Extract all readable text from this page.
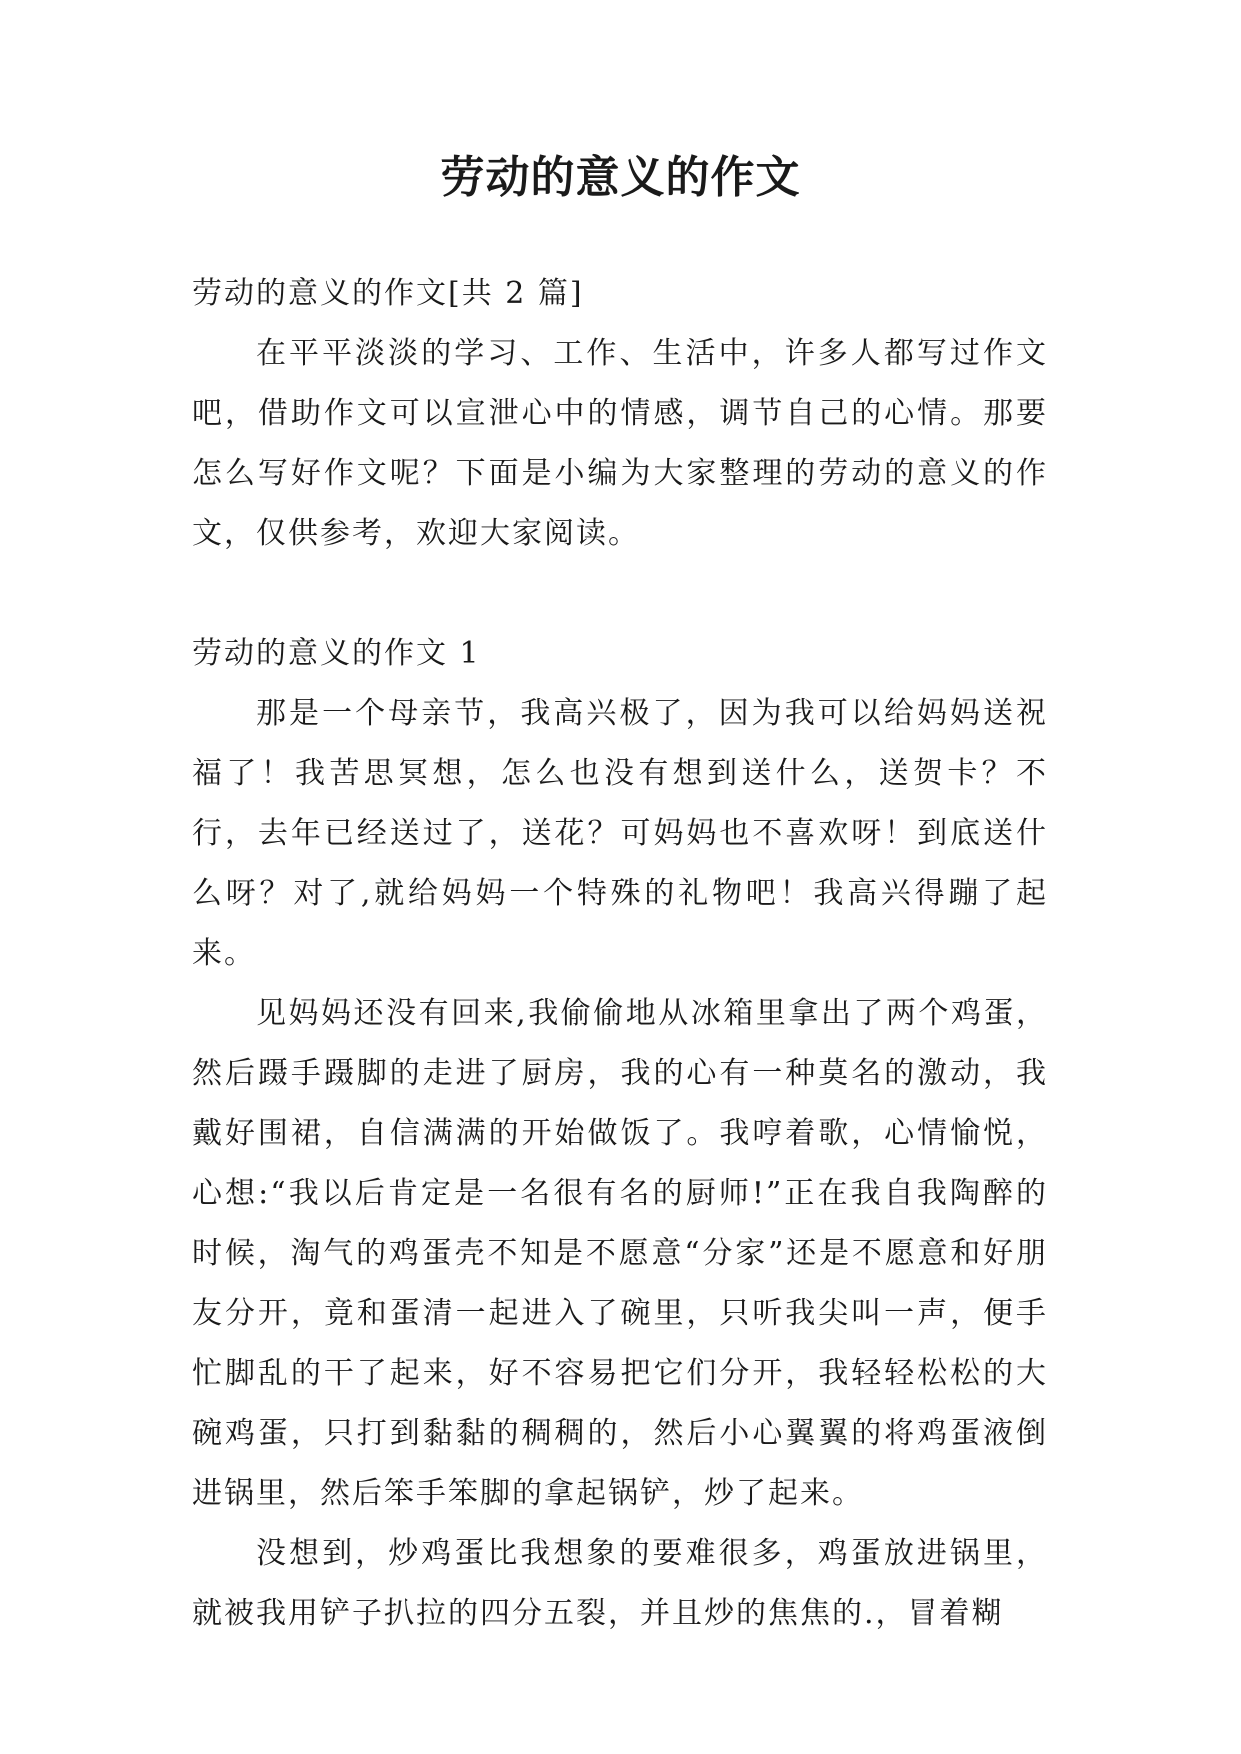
劳动的意义的作文

劳动的意义的作文[共 2 篇]

在平平淡淡的学习、工作、生活中，许多人都写过作文吧，借助作文可以宣泄心中的情感，调节自己的心情。那要怎么写好作文呢？下面是小编为大家整理的劳动的意义的作文，仅供参考，欢迎大家阅读。

劳动的意义的作文 1

那是一个母亲节，我高兴极了，因为我可以给妈妈送祝福了！我苦思冥想，怎么也没有想到送什么，送贺卡？不行，去年已经送过了，送花？可妈妈也不喜欢呀！到底送什么呀？对了,就给妈妈一个特殊的礼物吧！我高兴得蹦了起来。

见妈妈还没有回来,我偷偷地从冰箱里拿出了两个鸡蛋，然后蹑手蹑脚的走进了厨房，我的心有一种莫名的激动，我戴好围裙，自信满满的开始做饭了。我哼着歌，心情愉悦，心想:“我以后肯定是一名很有名的厨师!”正在我自我陶醉的时候，淘气的鸡蛋壳不知是不愿意“分家”还是不愿意和好朋友分开，竟和蛋清一起进入了碗里，只听我尖叫一声，便手忙脚乱的干了起来，好不容易把它们分开，我轻轻松松的大碗鸡蛋，只打到黏黏的稠稠的，然后小心翼翼的将鸡蛋液倒进锅里，然后笨手笨脚的拿起锅铲，炒了起来。

没想到，炒鸡蛋比我想象的要难很多，鸡蛋放进锅里，就被我用铲子扒拉的四分五裂，并且炒的焦焦的.，冒着糊
